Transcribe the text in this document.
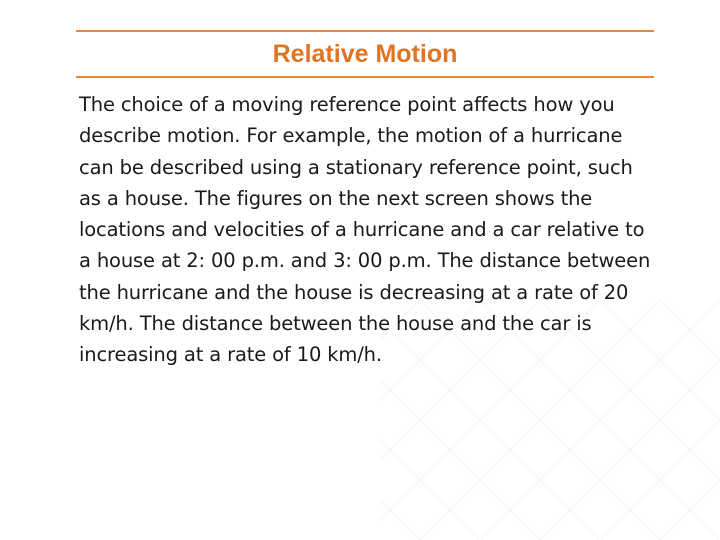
Relative Motion

The choice of a moving reference point affects how you describe motion. For example, the motion of a hurricane can be described using a stationary reference point, such as a house. The figures on the next screen shows the locations and velocities of a hurricane and a car relative to a house at 2: 00 p.m. and 3: 00 p.m. The distance between the hurricane and the house is decreasing at a rate of 20 km/h. The distance between the house and the car is increasing at a rate of 10 km/h.
